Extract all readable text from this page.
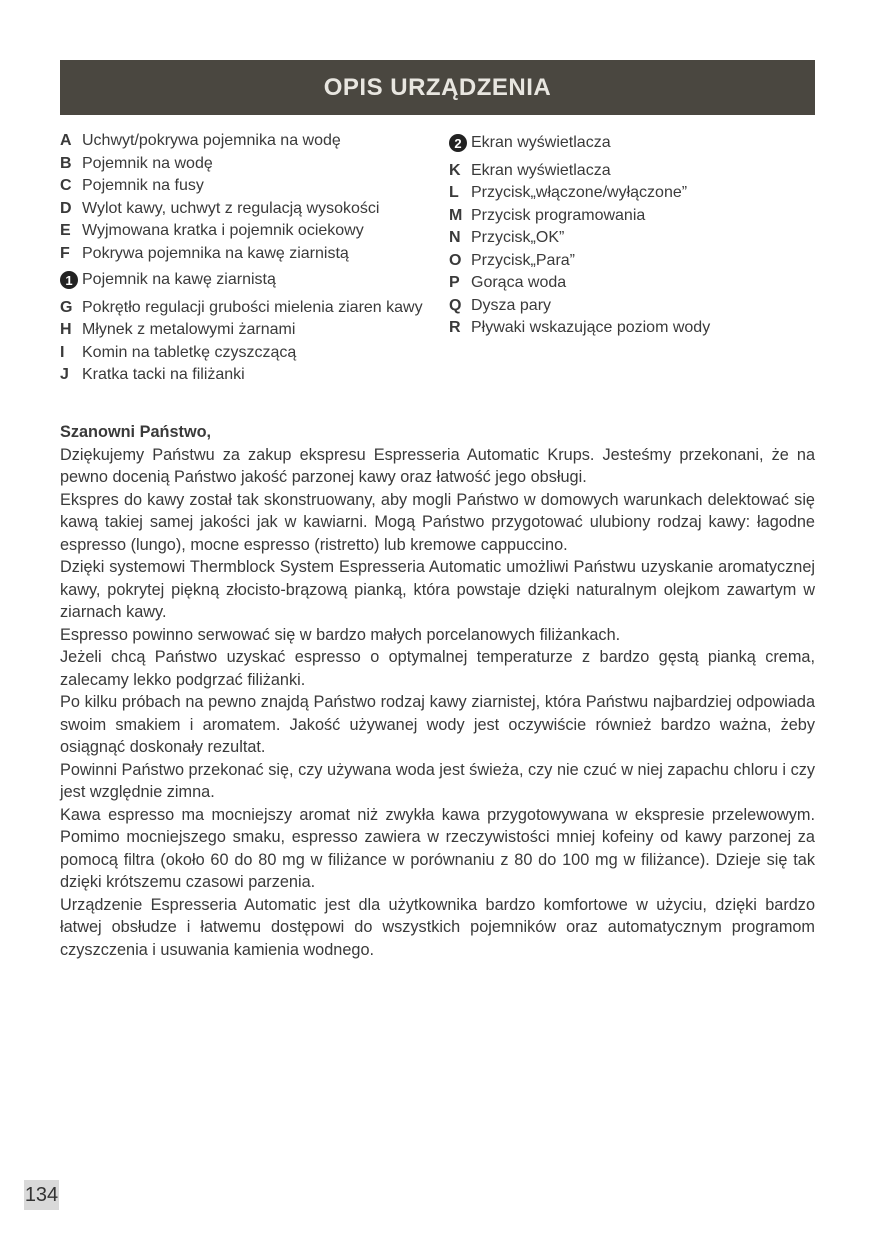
OPIS URZĄDZENIA
A Uchwyt/pokrywa pojemnika na wodę
B Pojemnik na wodę
C Pojemnik na fusy
D Wylot kawy, uchwyt z regulacją wysokości
E Wyjmowana kratka i pojemnik ociekowy
F Pokrywa pojemnika na kawę ziarnistą
1 Pojemnik na kawę ziarnistą
G Pokrętło regulacji grubości mielenia ziaren kawy
H Młynek z metalowymi żarnami
I	Komin na tabletkę czyszczącą
J Kratka tacki na filiżanki
2 Ekran wyświetlacza
K Ekran wyświetlacza
L Przycisk„włączone/wyłączone”
M Przycisk programowania
N Przycisk„OK”
O Przycisk„Para”
P Gorąca woda
Q Dysza pary
R Pływaki wskazujące poziom wody

Szanowni Państwo,

Dziękujemy Państwu za zakup ekspresu Espresseria Automatic Krups. Jesteśmy przekonani, że na pewno docenią Państwo jakość parzonej kawy oraz łatwość jego obsługi.

Ekspres do kawy został tak skonstruowany, aby mogli Państwo w domowych warunkach delektować się kawą takiej samej jakości jak w kawiarni. Mogą Państwo przygotować ulubiony rodzaj kawy: łagodne espresso (lungo), mocne espresso (ristretto) lub kremowe cappuccino.

Dzięki systemowi Thermblock System Espresseria Automatic umożliwi Państwu uzyskanie aromatycznej kawy, pokrytej piękną złocisto-brązową pianką, która powstaje dzięki naturalnym olejkom zawartym w ziarnach kawy.

Espresso powinno serwować się w bardzo małych porcelanowych filiżankach.

Jeżeli chcą Państwo uzyskać espresso o optymalnej temperaturze z bardzo gęstą pianką crema, zalecamy lekko podgrzać filiżanki.

Po kilku próbach na pewno znajdą Państwo rodzaj kawy ziarnistej, która Państwu najbardziej odpowiada swoim smakiem i aromatem. Jakość używanej wody jest oczywiście również bardzo ważna, żeby osiągnąć doskonały rezultat.

Powinni Państwo przekonać się, czy używana woda jest świeża, czy nie czuć w niej zapachu chloru i czy jest względnie zimna.

Kawa espresso ma mocniejszy aromat niż zwykła kawa przygotowywana w ekspresie przelewowym. Pomimo mocniejszego smaku, espresso zawiera w rzeczywistości mniej kofeiny od kawy parzonej za pomocą filtra (około 60 do 80 mg w filiżance w porównaniu z 80 do 100 mg w filiżance). Dzieje się tak dzięki krótszemu czasowi parzenia.

Urządzenie Espresseria Automatic jest dla użytkownika bardzo komfortowe w użyciu, dzięki bardzo łatwej obsłudze i łatwemu dostępowi do wszystkich pojemników oraz automatycznym programom czyszczenia i usuwania kamienia wodnego.

134
